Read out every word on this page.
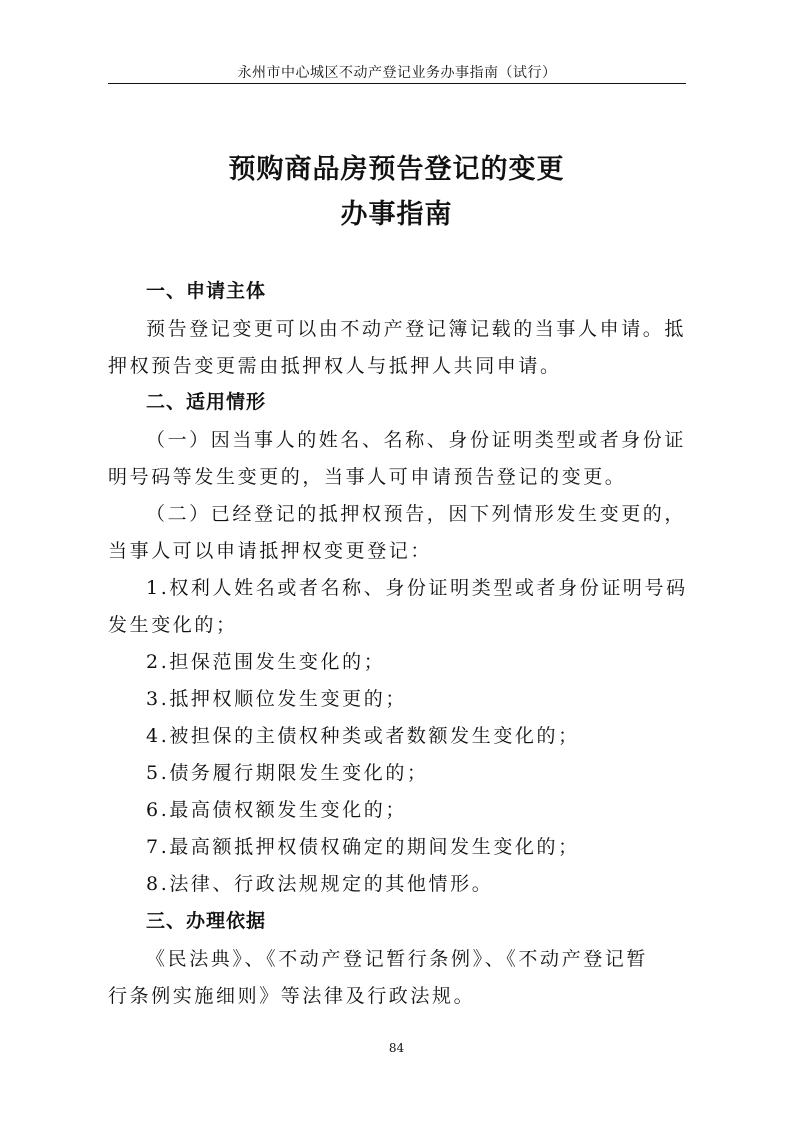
永州市中心城区不动产登记业务办事指南（试行）
预购商品房预告登记的变更
办事指南
一、申请主体
预告登记变更可以由不动产登记簿记载的当事人申请。抵
押权预告变更需由抵押权人与抵押人共同申请。
二、适用情形
（一）因当事人的姓名、名称、身份证明类型或者身份证
明号码等发生变更的，当事人可申请预告登记的变更。
（二）已经登记的抵押权预告，因下列情形发生变更的，
当事人可以申请抵押权变更登记：
1.权利人姓名或者名称、身份证明类型或者身份证明号码
发生变化的；
2.担保范围发生变化的；
3.抵押权顺位发生变更的；
4.被担保的主债权种类或者数额发生变化的；
5.债务履行期限发生变化的；
6.最高债权额发生变化的；
7.最高额抵押权债权确定的期间发生变化的；
8.法律、行政法规规定的其他情形。
三、办理依据
《民法典》、《不动产登记暂行条例》、《不动产登记暂
行条例实施细则》等法律及行政法规。
84
